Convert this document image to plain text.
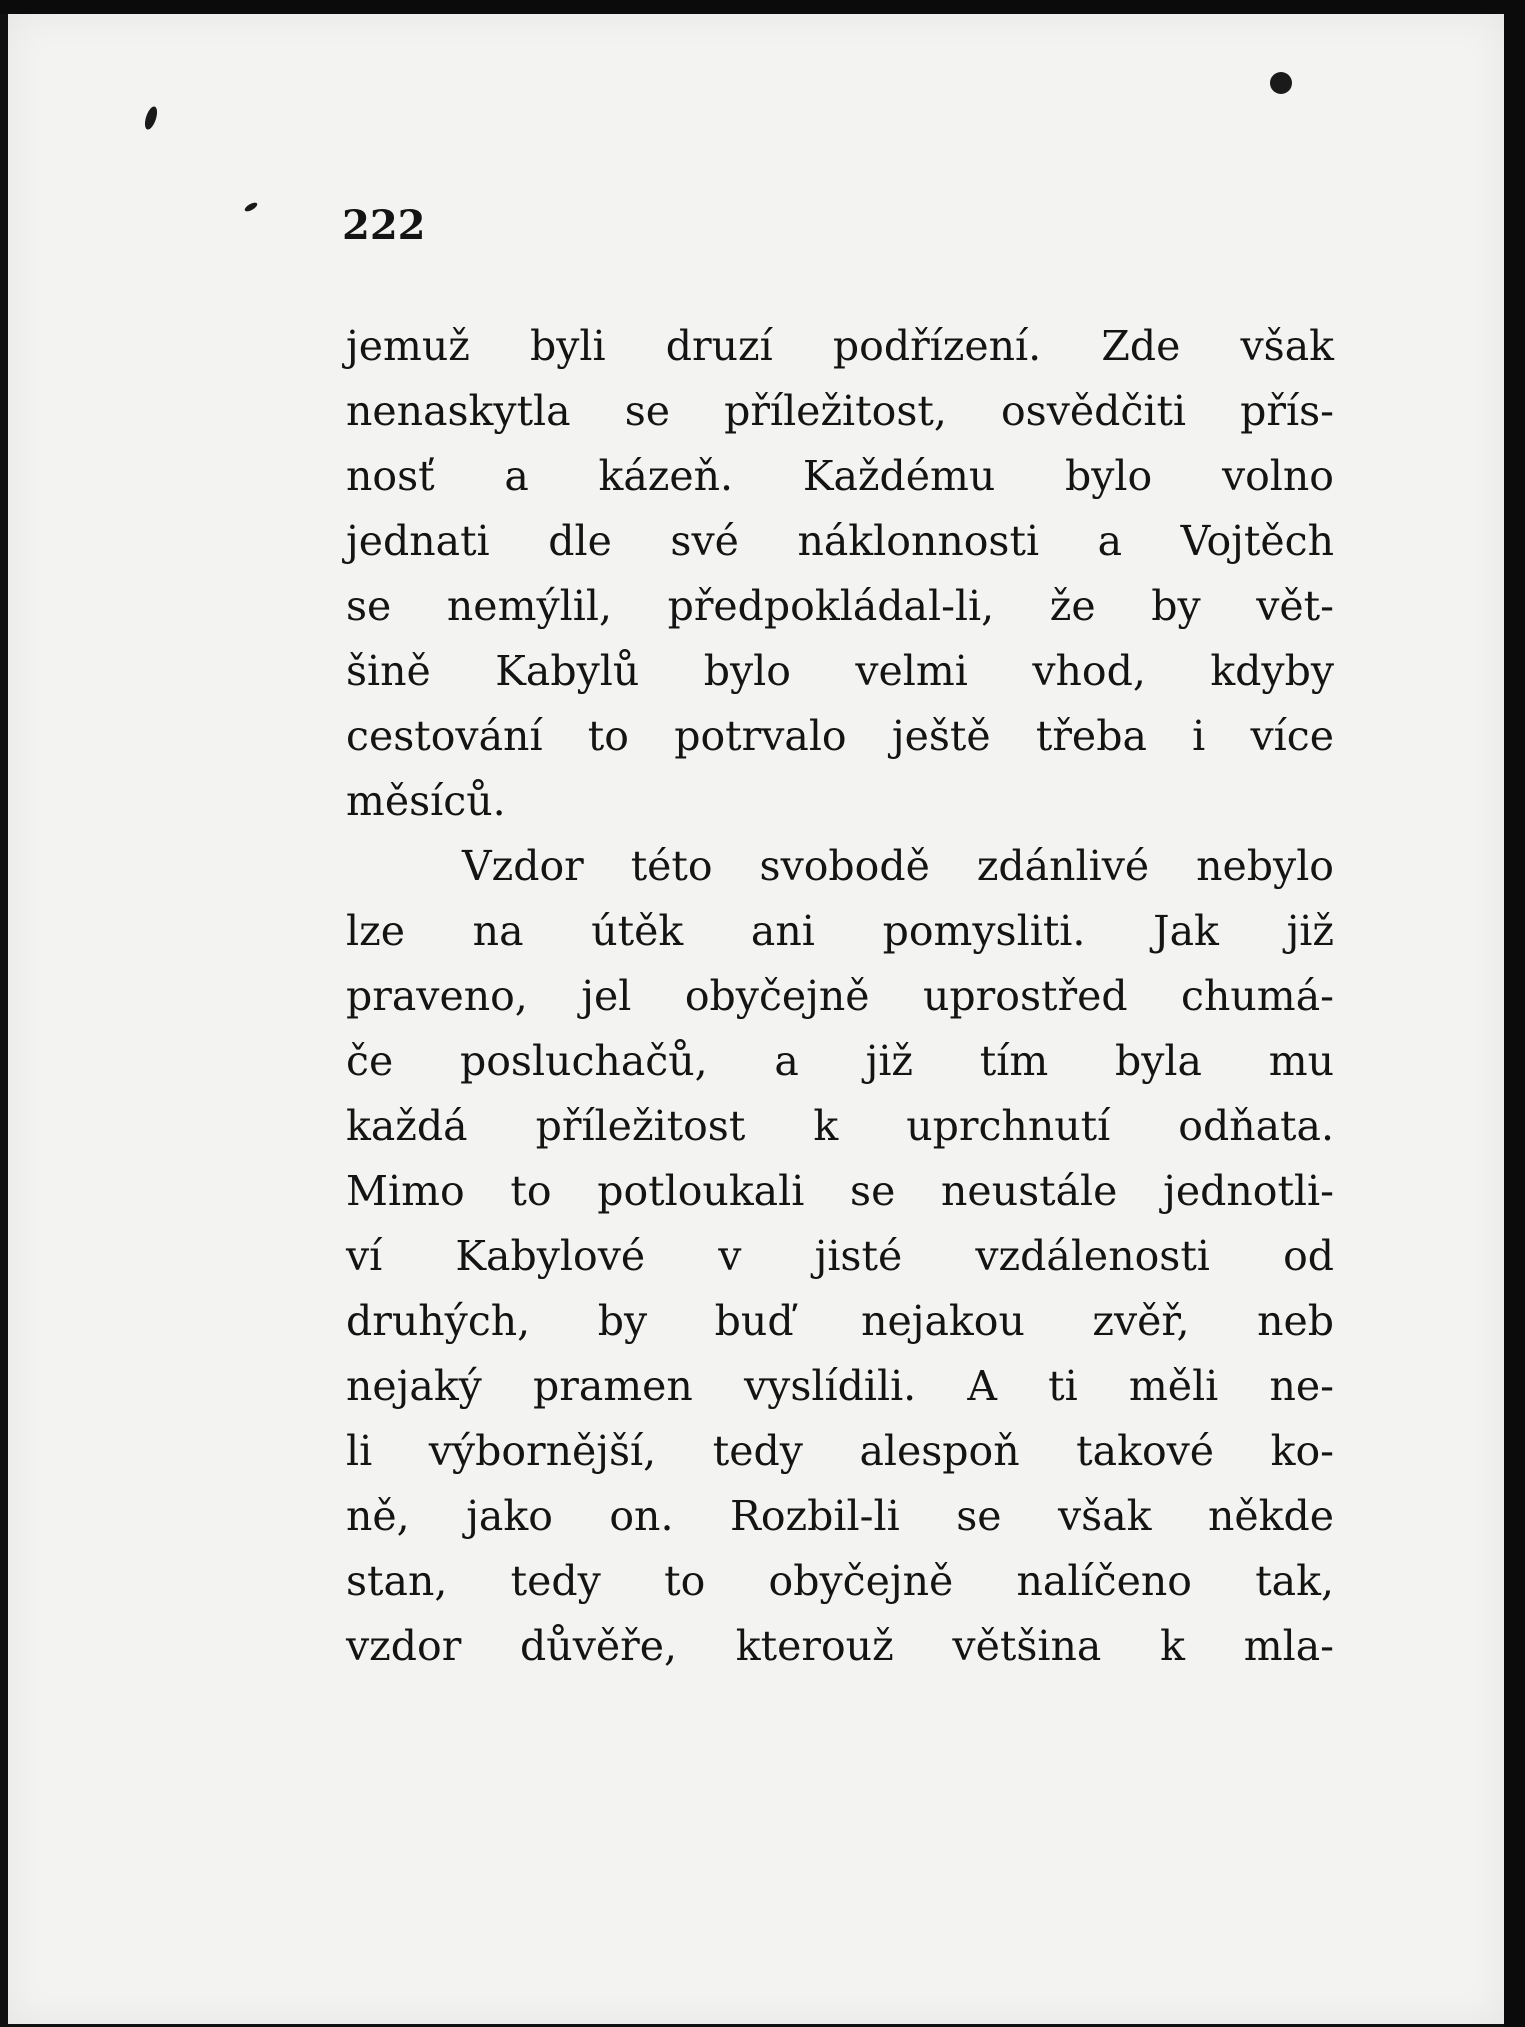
222
jemuž byli druzí podřízení. Zde však
nenaskytla se příležitost, osvědčiti přís-
nosť a kázeň. Každému bylo volno
jednati dle své náklonnosti a Vojtěch
se nemýlil, předpokládal-li, že by vět-
šině Kabylů bylo velmi vhod, kdyby
cestování to potrvalo ještě třeba i více
měsíců.
Vzdor této svobodě zdánlivé nebylo
lze na útěk ani pomysliti. Jak již
praveno, jel obyčejně uprostřed chumá-
če posluchačů, a již tím byla mu
každá příležitost k uprchnutí odňata.
Mimo to potloukali se neustále jednotli-
ví Kabylové v jisté vzdálenosti od
druhých, by buď nejakou zvěř, neb
nejaký pramen vyslídili. A ti měli ne-
li výbornější, tedy alespoň takové ko-
ně, jako on. Rozbil-li se však někde
stan, tedy to obyčejně nalíčeno tak,
vzdor důvěře, kterouž většina k mla-
